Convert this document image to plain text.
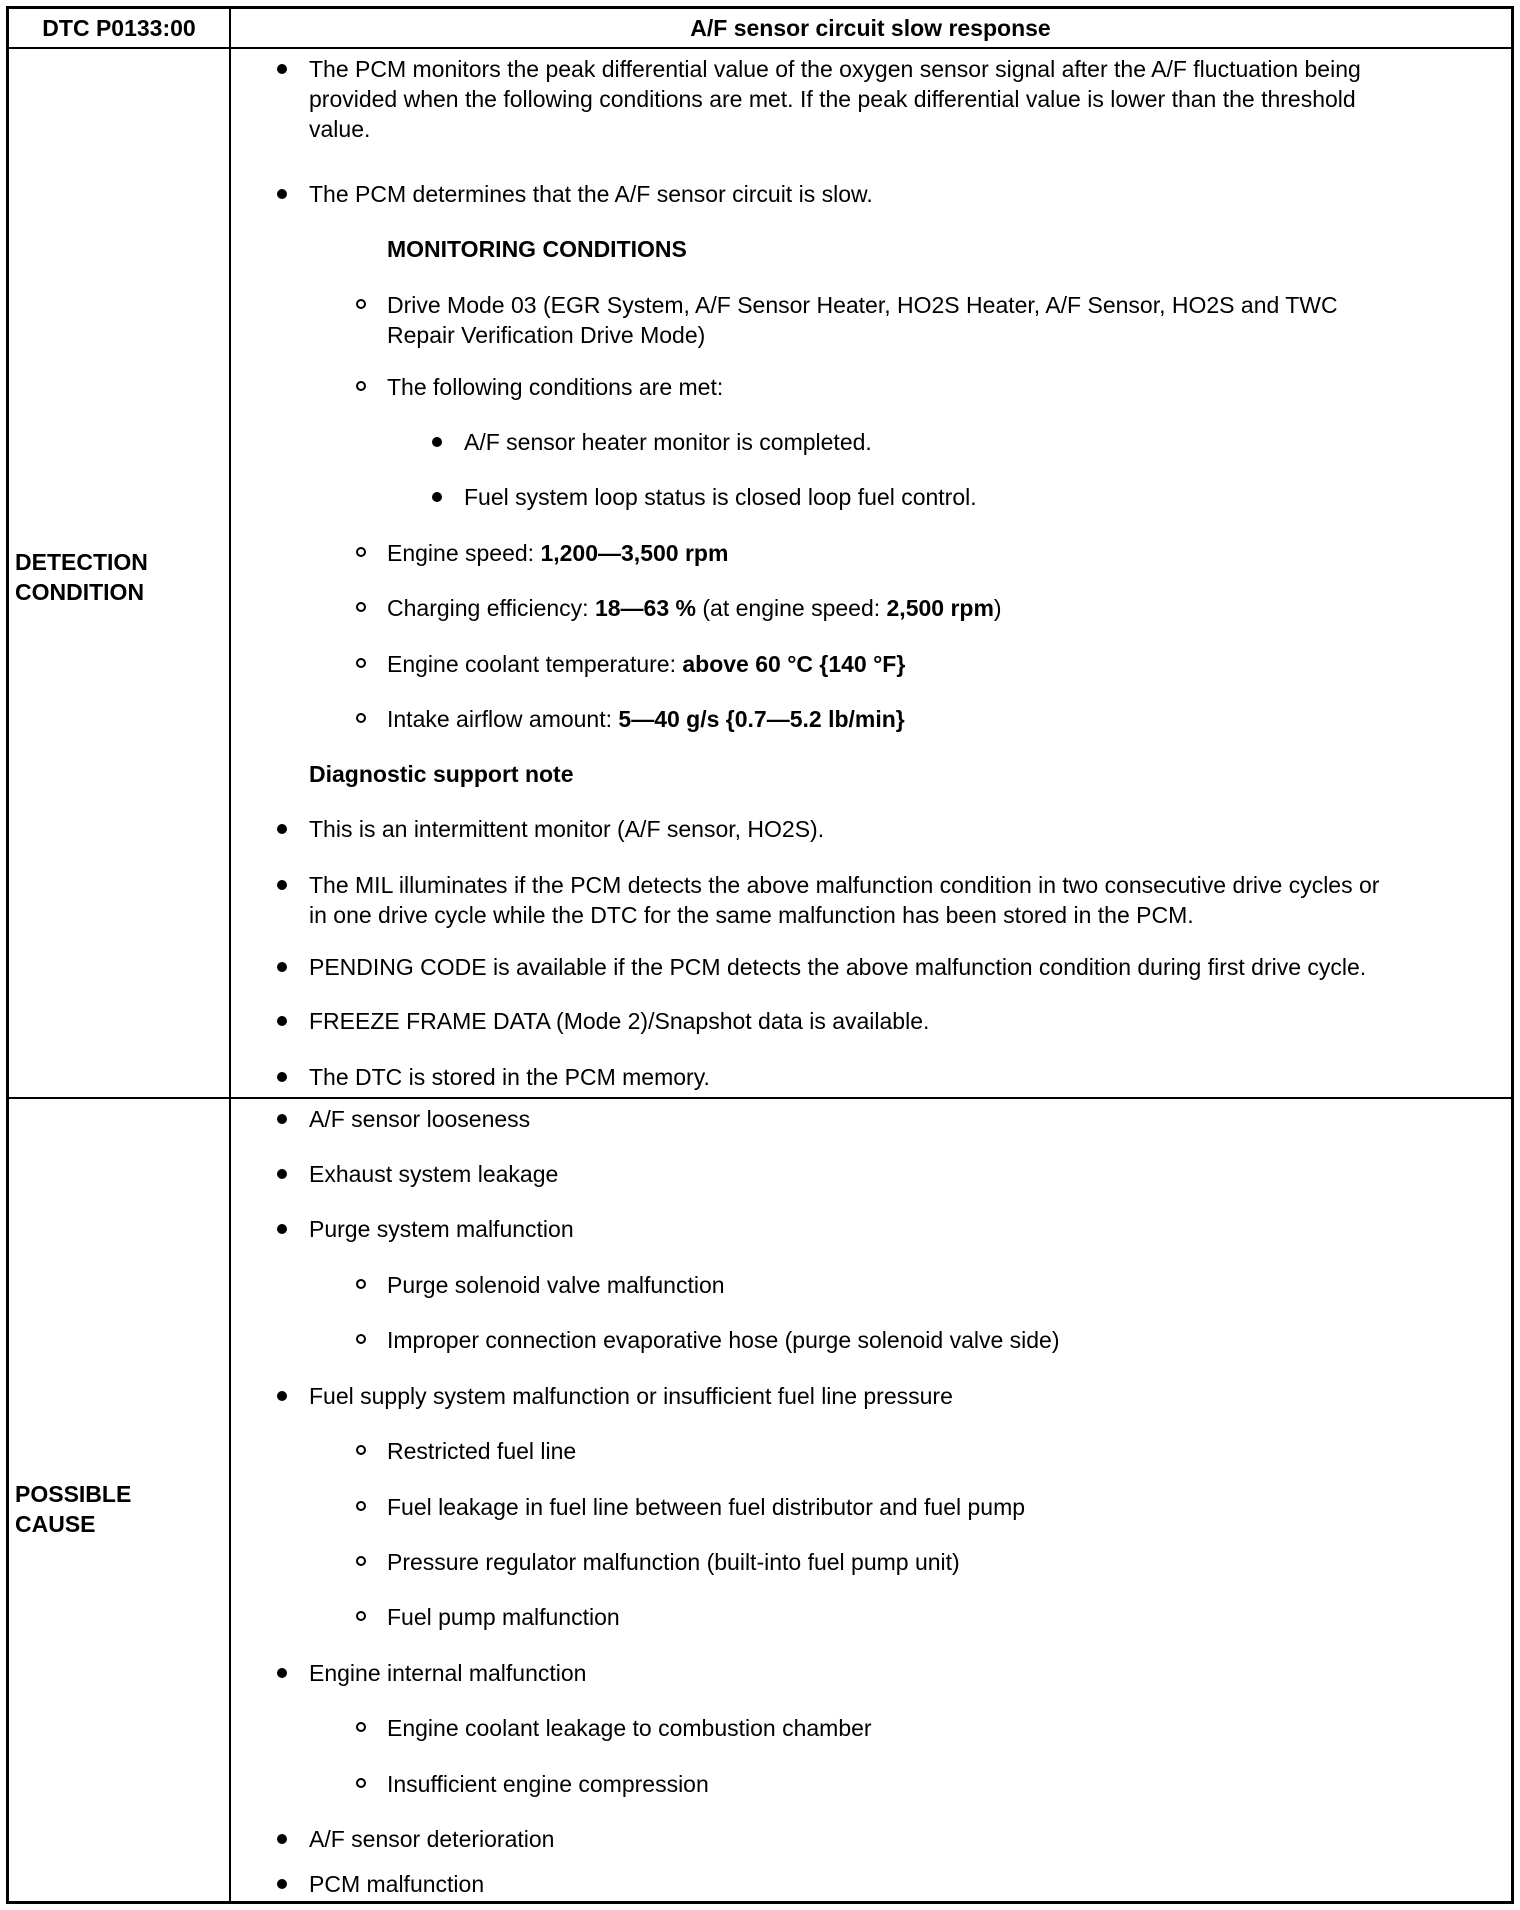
DTC P0133:00	A/F sensor circuit slow response
DETECTION
CONDITION
POSSIBLE
CAUSE
The PCM monitors the peak differential value of the oxygen sensor signal after the A/F fluctuation being
provided when the following conditions are met. If the peak differential value is lower than the threshold
value.
The PCM determines that the A/F sensor circuit is slow.
MONITORING CONDITIONS
Drive Mode 03 (EGR System, A/F Sensor Heater, HO2S Heater, A/F Sensor, HO2S and TWC
Repair Verification Drive Mode)
The following conditions are met:
A/F sensor heater monitor is completed.
Fuel system loop status is closed loop fuel control.
Engine speed: 1,200—3,500 rpm
Charging efficiency: 18—63 % (at engine speed: 2,500 rpm)
Engine coolant temperature: above 60 °C {140 °F}
Intake airflow amount: 5—40 g/s {0.7—5.2 lb/min}
Diagnostic support note
This is an intermittent monitor (A/F sensor, HO2S).
The MIL illuminates if the PCM detects the above malfunction condition in two consecutive drive cycles or
in one drive cycle while the DTC for the same malfunction has been stored in the PCM.
PENDING CODE is available if the PCM detects the above malfunction condition during first drive cycle.
FREEZE FRAME DATA (Mode 2)/Snapshot data is available.
The DTC is stored in the PCM memory.
A/F sensor looseness
Exhaust system leakage
Purge system malfunction
Purge solenoid valve malfunction
Improper connection evaporative hose (purge solenoid valve side)
Fuel supply system malfunction or insufficient fuel line pressure
Restricted fuel line
Fuel leakage in fuel line between fuel distributor and fuel pump
Pressure regulator malfunction (built-into fuel pump unit)
Fuel pump malfunction
Engine internal malfunction
Engine coolant leakage to combustion chamber
Insufficient engine compression
A/F sensor deterioration
PCM malfunction
